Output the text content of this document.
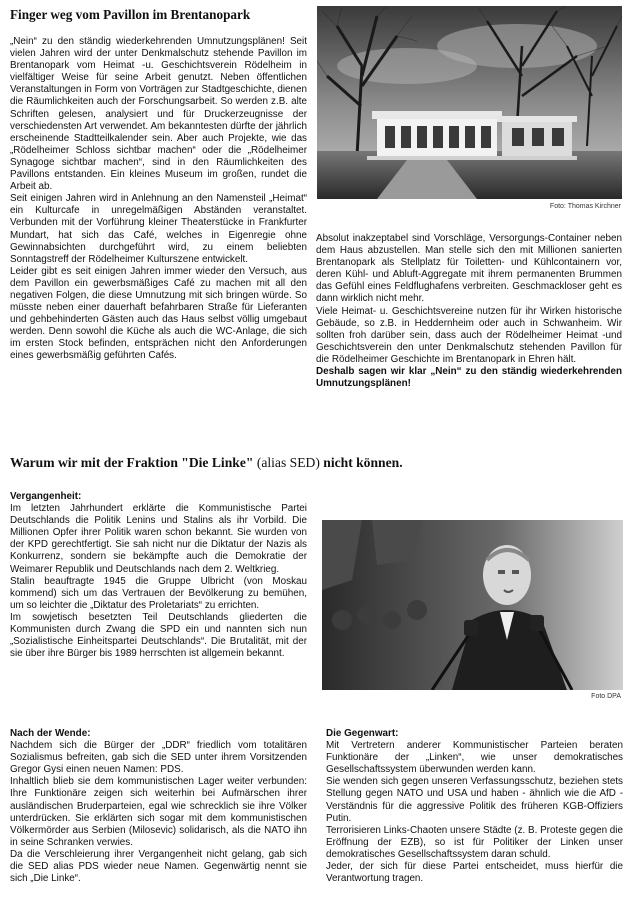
Finger weg vom Pavillon im Brentanopark

„Nein“ zu den ständig wiederkehrenden Umnutzungsplänen! Seit vielen Jahren wird der unter Denkmalschutz stehende Pavillon im Brentanopark vom Heimat -u. Geschichtsverein Rödelheim in vielfältiger Weise für seine Arbeit genutzt. Neben öffentlichen Veranstaltungen in Form von Vorträgen zur Stadtgeschichte, dienen die Räumlichkeiten auch der Forschungsarbeit. So werden z.B. alte Schriften gelesen, analysiert und für Druckerzeugnisse der verschiedensten Art verwendet. Am bekanntesten dürfte der jährlich erscheinende Stadtteilkalender sein. Aber auch Projekte, wie das „Rödelheimer Schloss sichtbar machen“ oder die „Rödelheimer Synagoge sichtbar machen“, sind in den Räumlichkeiten des Pavillons entstanden. Ein kleines Museum im großen, rundet die Arbeit ab.

Seit einigen Jahren wird in Anlehnung an den Namensteil „Heimat“ ein Kulturcafe in unregelmäßigen Abständen veranstaltet. Verbunden mit der Vorführung kleiner Theaterstücke in Frankfurter Mundart, hat sich das Café, welches in Eigenregie ohne Gewinnabsichten durchgeführt wird, zu einem beliebten Sonntagstreff der Rödelheimer Kulturszene entwickelt.

Leider gibt es seit einigen Jahren immer wieder den Versuch, aus dem Pavillon ein gewerbsmäßiges Café zu machen mit all den negativen Folgen, die diese Umnutzung mit sich bringen würde. So müsste neben einer dauerhaft befahrbaren Straße für Lieferanten und gehbehinderten Gästen auch das Haus selbst völlig umgebaut werden. Denn sowohl die Küche als auch die WC-Anlage, die sich im ersten Stock befinden, entsprächen nicht den Anforderungen eines gewerbsmäßig geführten Cafés.

Foto: Thomas Kirchner

Absolut inakzeptabel sind Vorschläge, Versorgungs-Container neben dem Haus abzustellen. Man stelle sich den mit Millionen sanierten Brentanopark als Stellplatz für Toiletten- und Kühlcontainern vor, deren Kühl- und Abluft-Aggregate mit ihrem permanenten Brummen das Gefühl eines Feldflughafens verbreiten. Geschmackloser geht es dann wirklich nicht mehr.

Viele Heimat- u. Geschichtsvereine nutzen für ihr Wirken historische Gebäude, so z.B. in Heddernheim oder auch in Schwanheim. Wir sollten froh darüber sein, dass auch der Rödelheimer Heimat -und Geschichtsverein den unter Denkmalschutz stehenden Pavillon für die Rödelheimer Geschichte im Brentanopark in Ehren hält.

Deshalb sagen wir klar „Nein“ zu den ständig wiederkehrenden Umnutzungsplänen!

Warum wir mit der Fraktion "Die Linke" (alias SED) nicht können.
Vergangenheit:

Im letzten Jahrhundert erklärte die Kommunistische Partei Deutschlands die Politik Lenins und Stalins als ihr Vorbild. Die Millionen Opfer ihrer Politik waren schon bekannt. Sie wurden von der KPD gerechtfertigt. Sie sah nicht nur die Diktatur der Nazis als Konkurrenz, sondern sie bekämpfte auch die Demokratie der Weimarer Republik und Deutschlands nach dem 2. Weltkrieg.

Stalin beauftragte 1945 die Gruppe Ulbricht (von Moskau kommend) sich um das Vertrauen der Bevölkerung zu bemühen, um so leichter die „Diktatur des Proletariats“ zu errichten.

Im sowjetisch besetzten Teil Deutschlands gliederten die Kommunisten durch Zwang die SPD ein und nannten sich nun „Sozialistische Einheitspartei Deutschlands“. Die Brutalität, mit der sie über ihre Bürger bis 1989 herrschten ist allgemein bekannt.

Foto DPA
Nach der Wende:

Nachdem sich die Bürger der „DDR“ friedlich vom totalitären Sozialismus befreiten, gab sich die SED unter ihrem Vorsitzenden Gregor Gysi einen neuen Namen: PDS.

Inhaltlich blieb sie dem kommunistischen Lager weiter verbunden: Ihre Funktionäre zeigen sich weiterhin bei Aufmärschen ihrer ausländischen Bruderparteien, egal wie schrecklich sie ihre Völker unterdrücken. Sie erklärten sich sogar mit dem kommunistischen Völkermörder aus Serbien (Milosevic) solidarisch, als die NATO ihn in seine Schranken verwies.

Da die Verschleierung ihrer Vergangenheit nicht gelang, gab sich die SED alias PDS wieder neue Namen. Gegenwärtig nennt sie sich „Die Linke“.

Die Gegenwart:

Mit Vertretern anderer Kommunistischer Parteien beraten Funktionäre der „Linken“, wie unser demokratisches Gesellschaftssystem überwunden werden kann.

Sie wenden sich gegen unseren Verfassungsschutz, beziehen stets Stellung gegen NATO und USA und haben - ähnlich wie die AfD - Verständnis für die aggressive Politik des früheren KGB-Offiziers Putin.

Terrorisieren Links-Chaoten unsere Städte (z. B. Proteste gegen die Eröffnung der EZB), so ist für Politiker der Linken unser demokratisches Gesellschaftssystem daran schuld.

Jeder, der sich für diese Partei entscheidet, muss hierfür die Verantwortung tragen.
